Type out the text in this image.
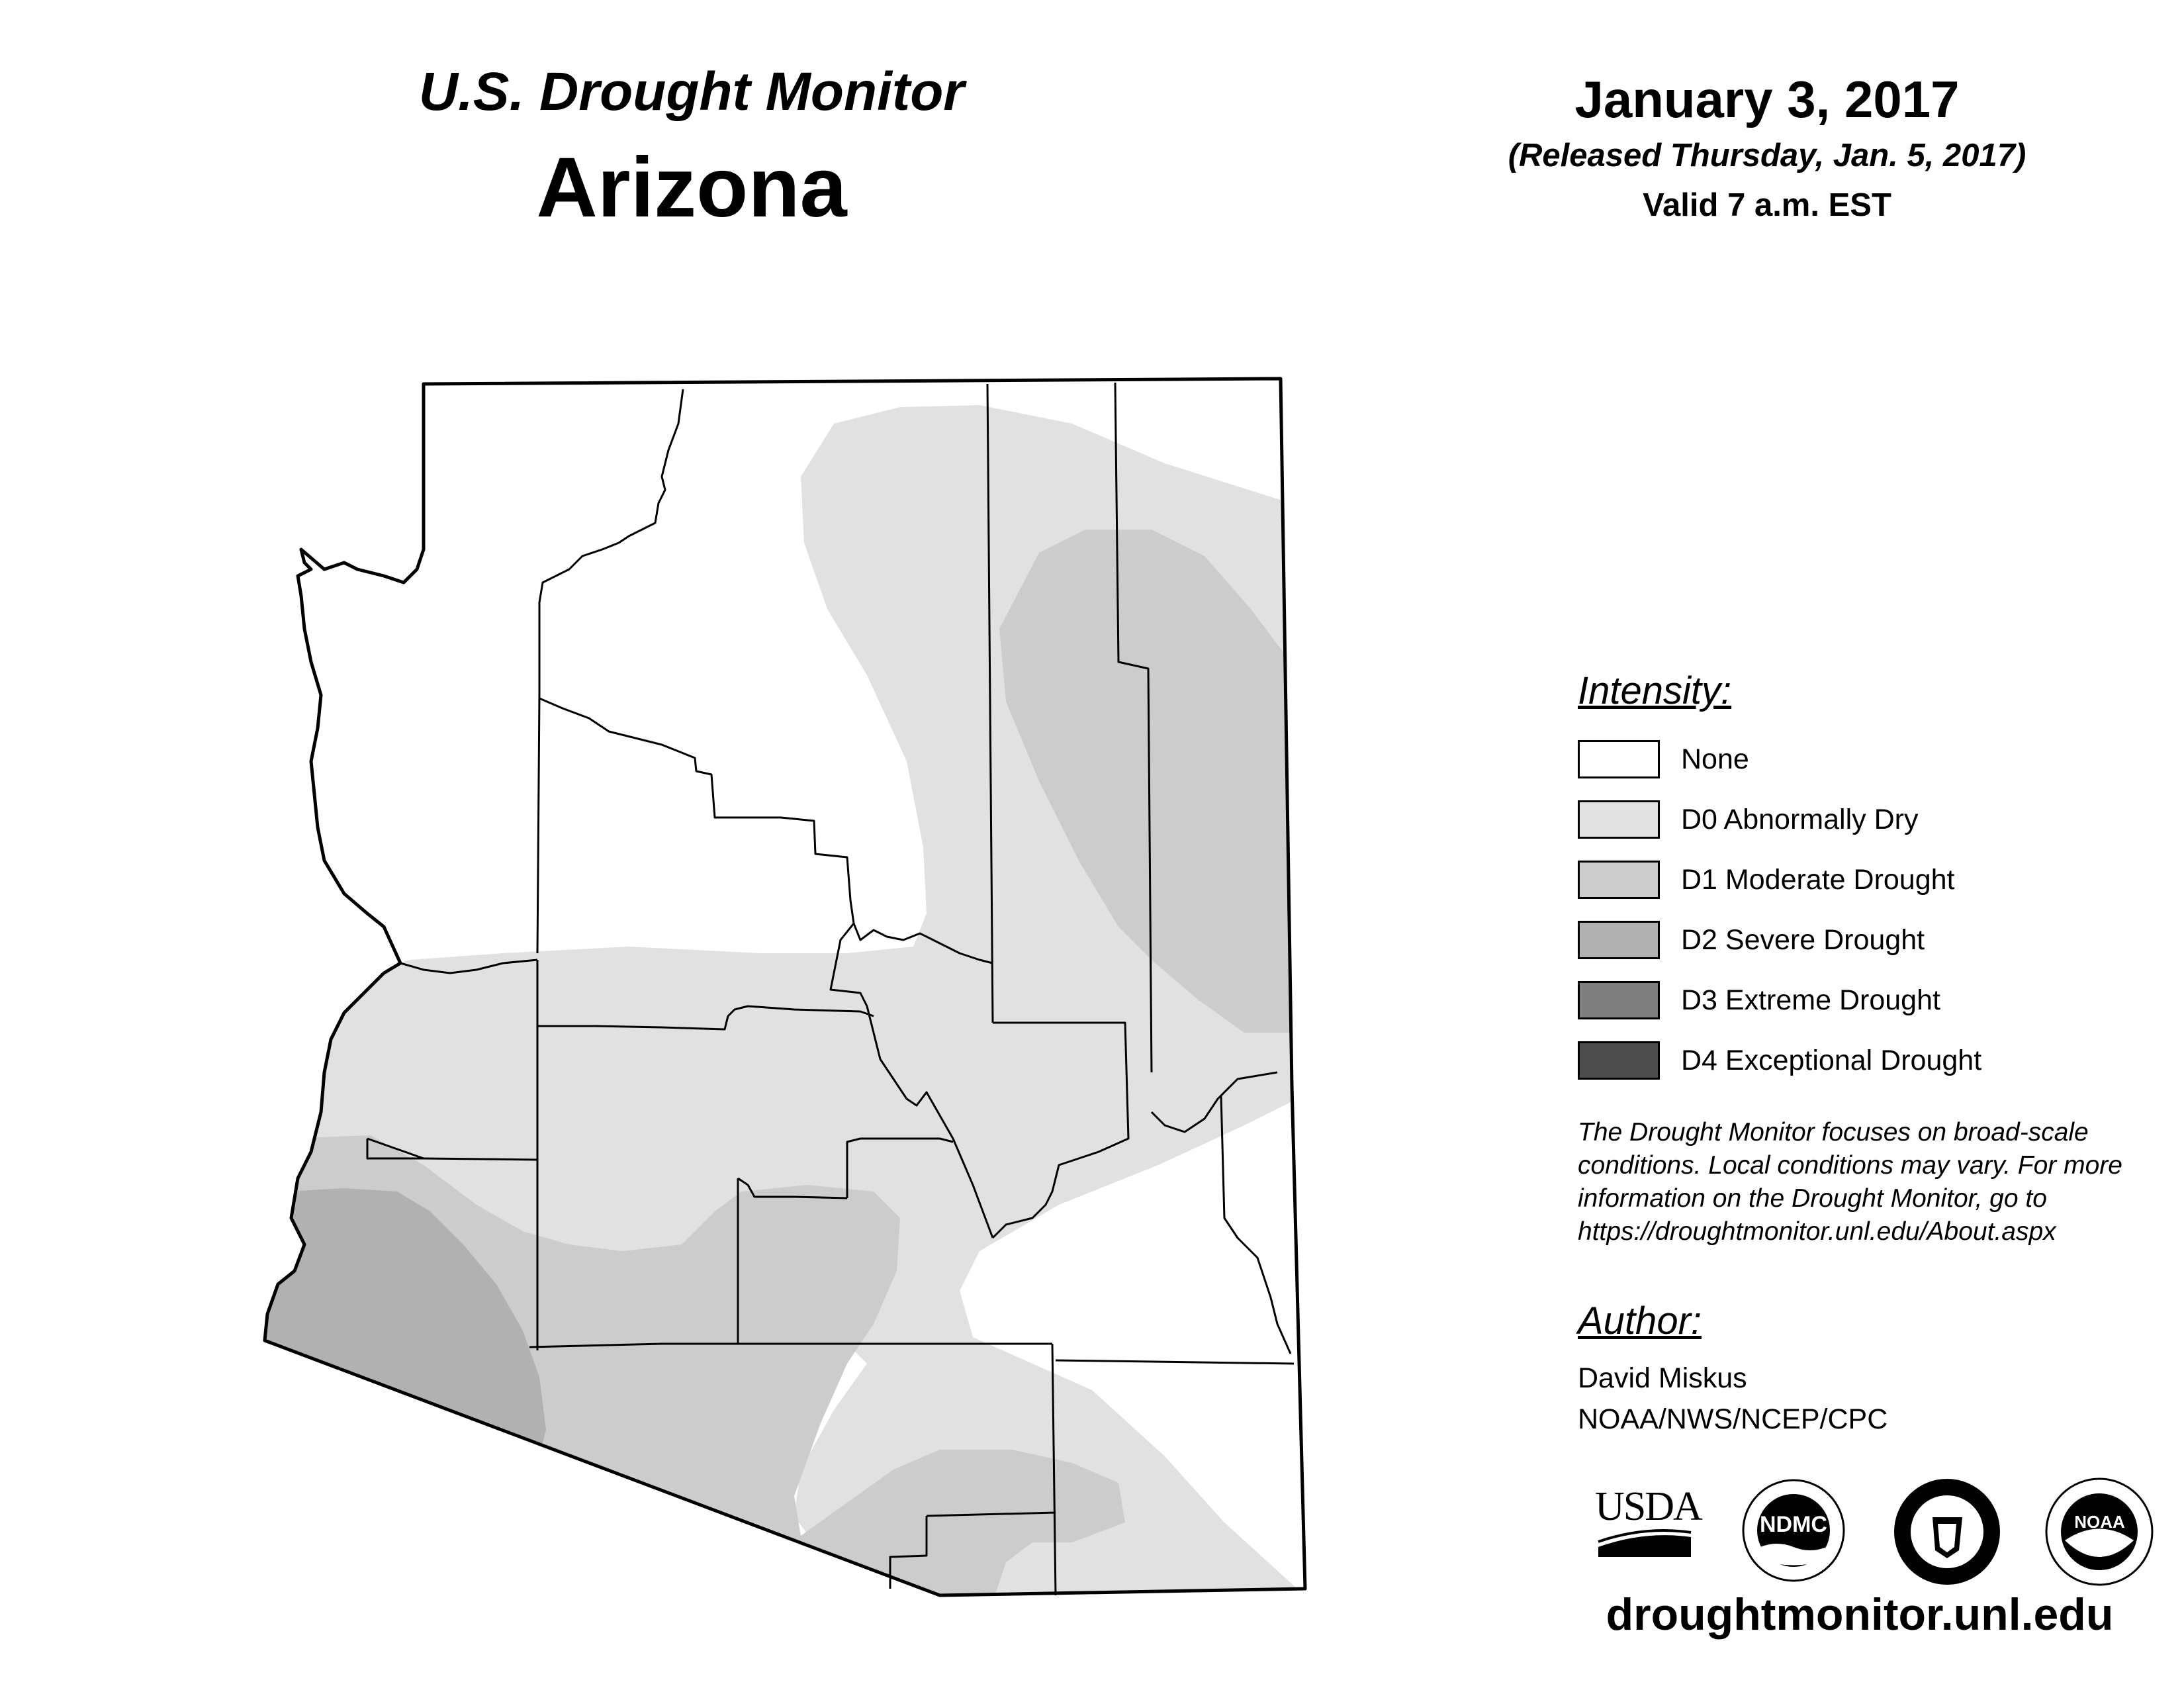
U.S. Drought Monitor
Arizona
January 3, 2017
(Released Thursday, Jan. 5, 2017)
Valid 7 a.m. EST
Intensity:
None
D0 Abnormally Dry
D1 Moderate Drought
D2 Severe Drought
D3 Extreme Drought
D4 Exceptional Drought
The Drought Monitor focuses on broad-scale conditions. Local conditions may vary. For more information on the Drought Monitor, go to https://droughtmonitor.unl.edu/About.aspx
Author:
David Miskus
NOAA/NWS/NCEP/CPC
USDA	NDMC	NOAA
droughtmonitor.unl.edu
